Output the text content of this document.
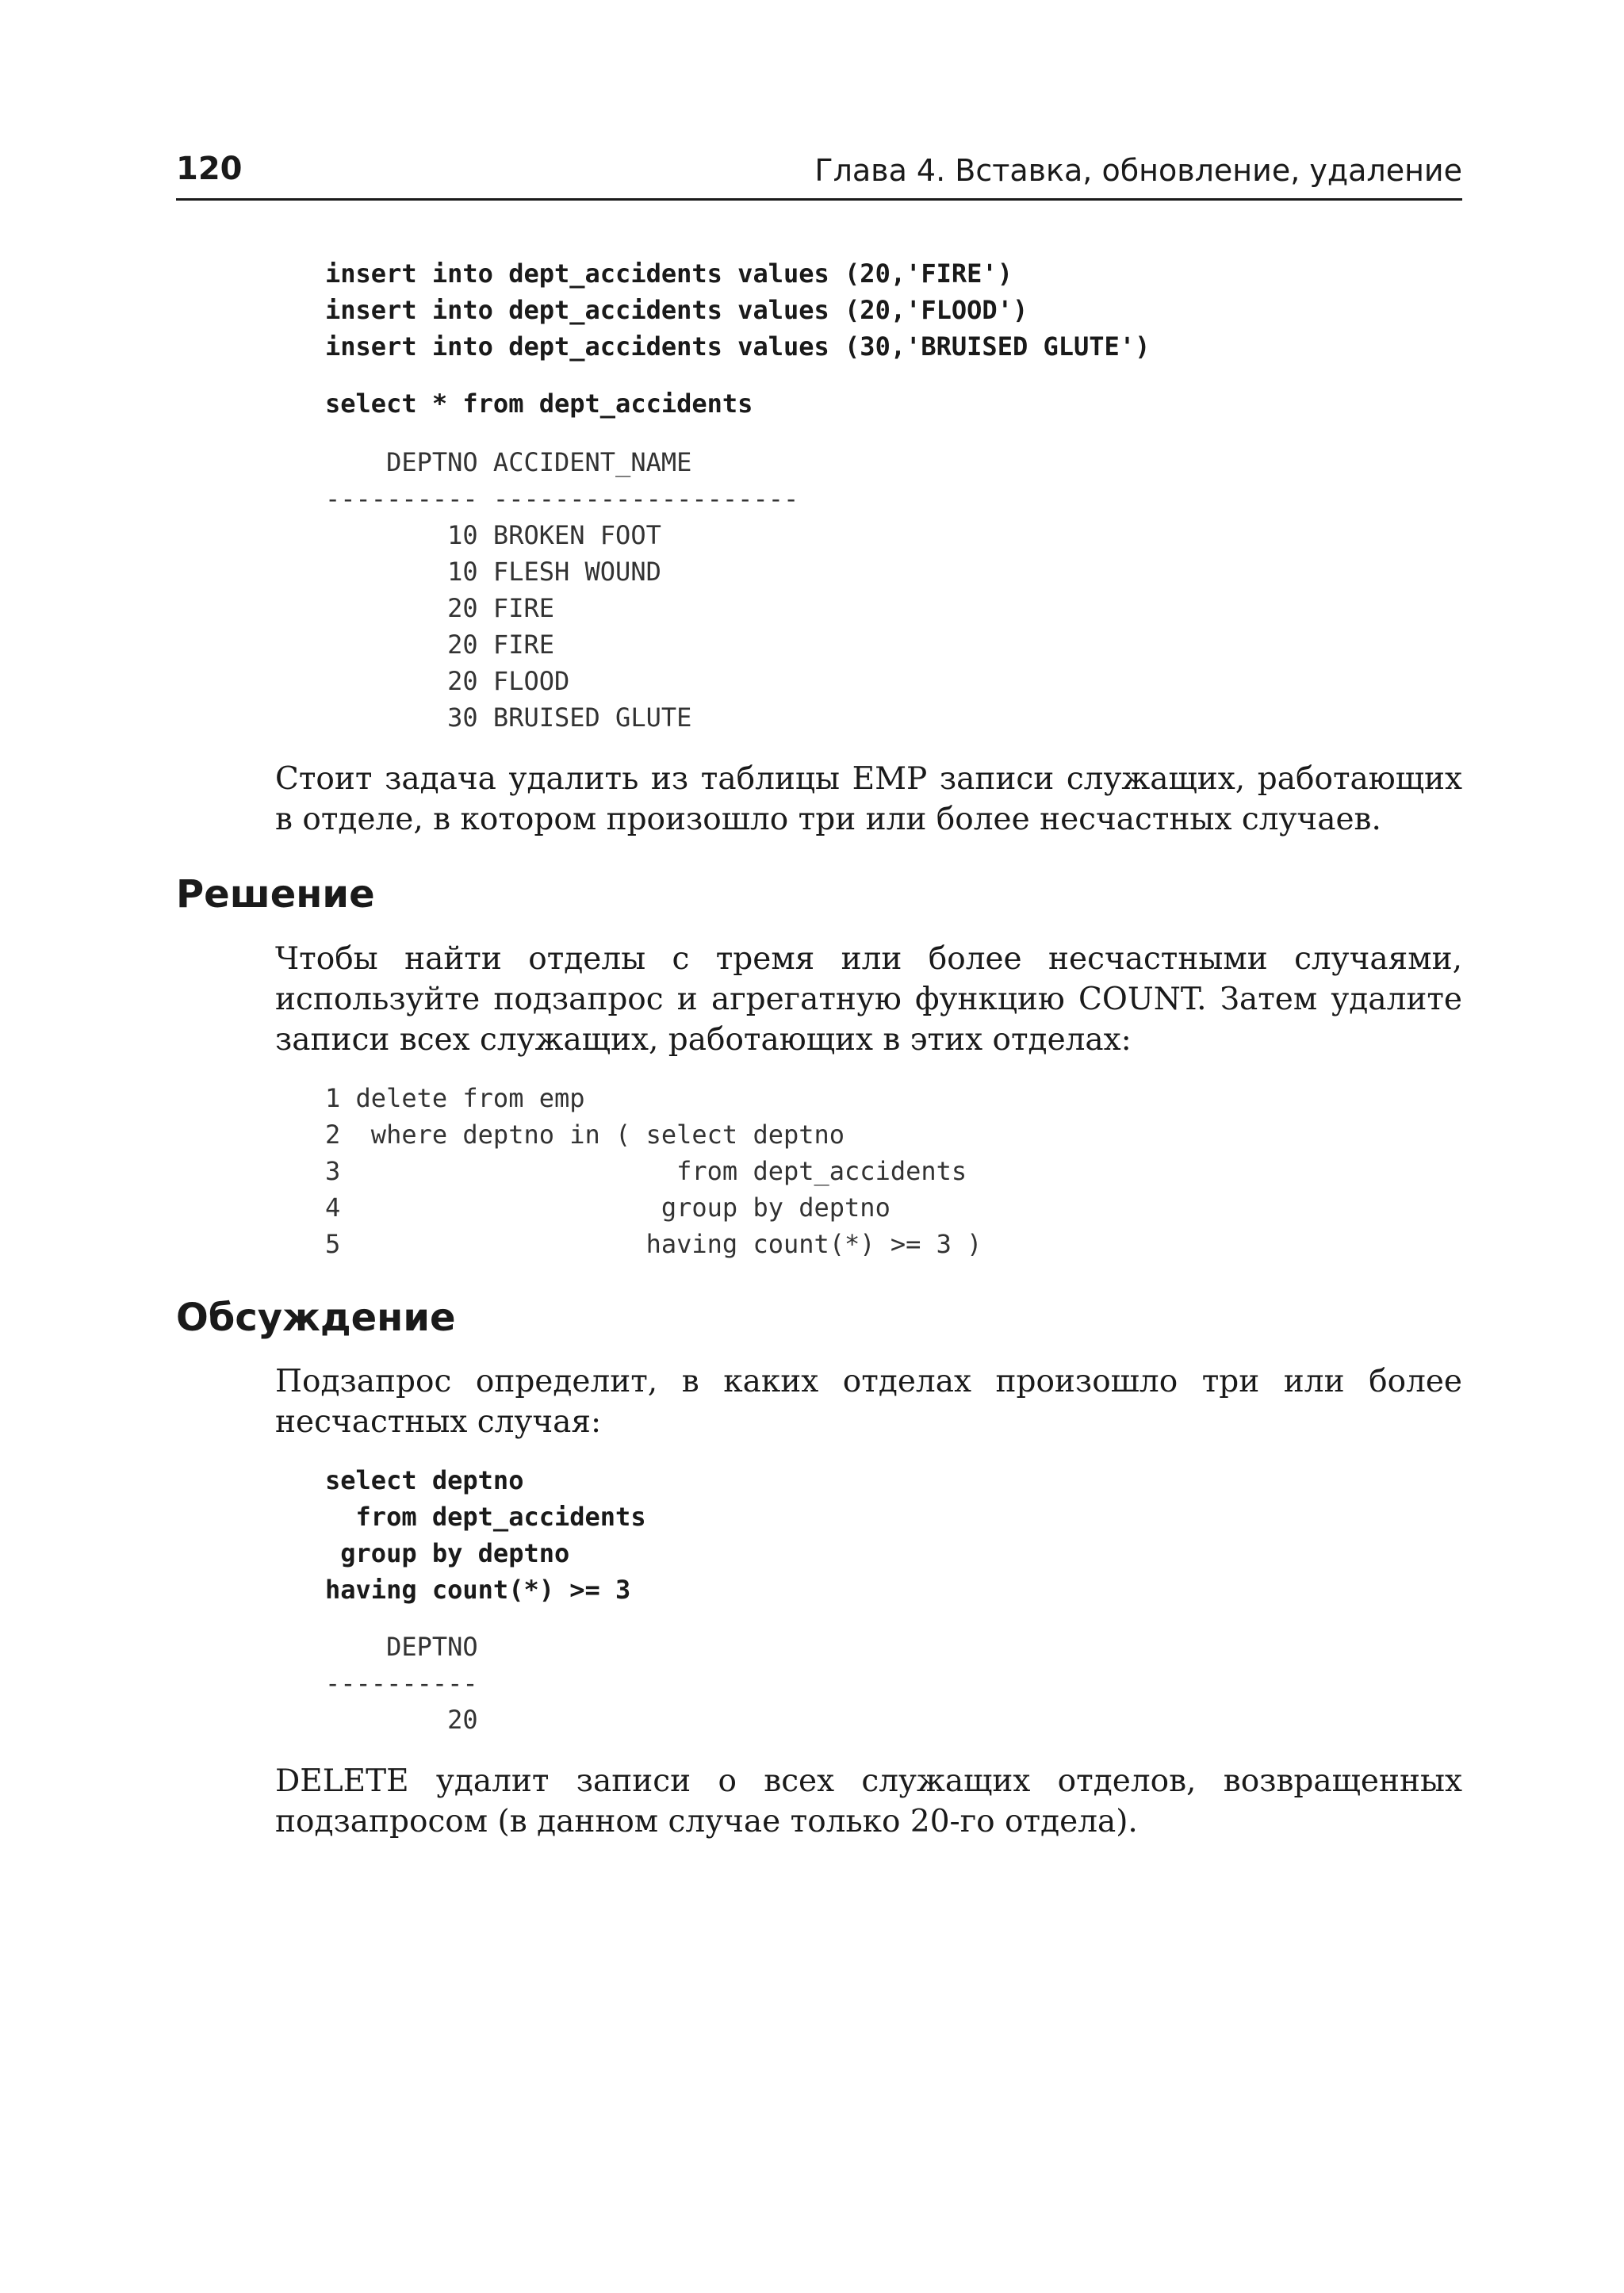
120	Глава 4. Вставка, обновление, удаление
insert into dept_accidents values (20,'FIRE')
insert into dept_accidents values (20,'FLOOD')
insert into dept_accidents values (30,'BRUISED GLUTE')
select * from dept_accidents
DEPTNO ACCIDENT_NAME
---------- --------------------
10 BROKEN FOOT
10 FLESH WOUND
20 FIRE
20 FIRE
20 FLOOD
30 BRUISED GLUTE

Стоит задача удалить из таблицы EMP записи служащих, работающих в отделе, в котором произошло три или более несчастных случаев.

Решение

Чтобы найти отделы с тремя или более несчастными случаями, используйте подзапрос и агрегатную функцию COUNT. Затем удалите записи всех служащих, работающих в этих отделах:

1 delete from emp
2  where deptno in ( select deptno
3                      from dept_accidents
4                     group by deptno
5                    having count(*) >= 3 )
Обсуждение

Подзапрос определит, в каких отделах произошло три или более несчастных случая:

select deptno
from dept_accidents
group by deptno
having count(*) >= 3
DEPTNO
----------
20

DELETE удалит записи о всех служащих отделов, возвращенных подзапросом (в данном случае только 20-го отдела).
